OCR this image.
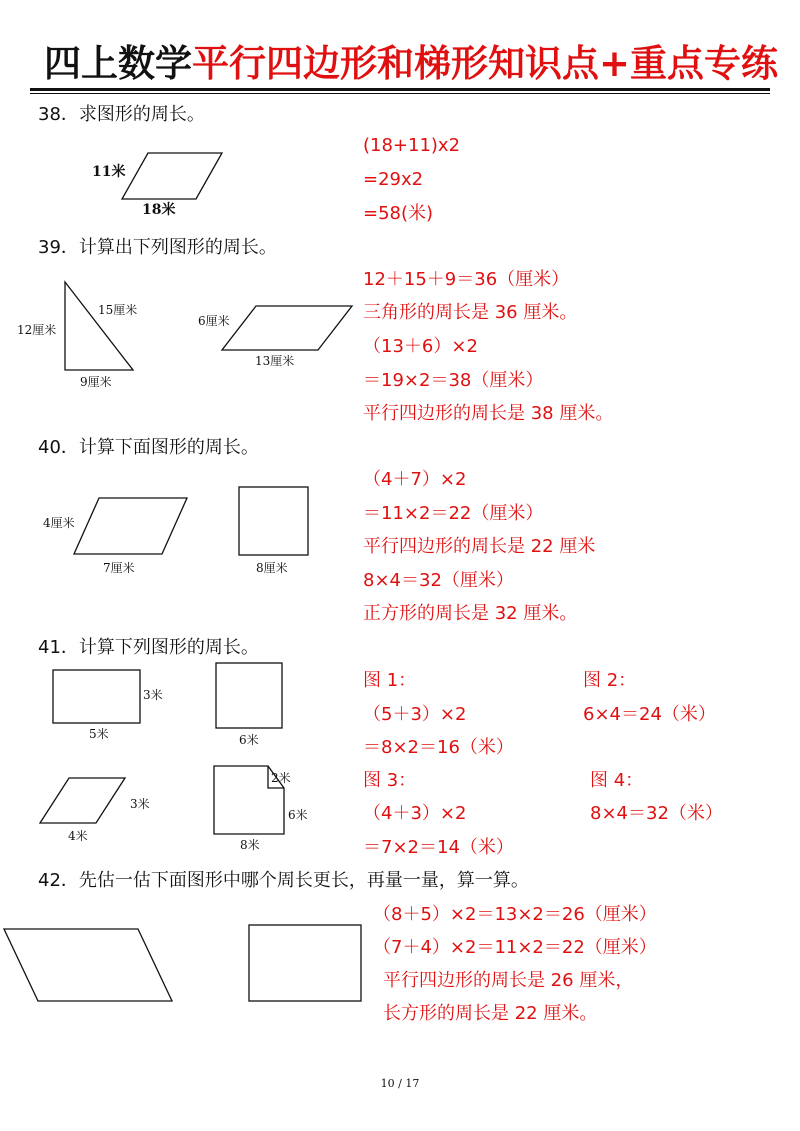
四上数学平行四边形和梯形知识点+重点专练
38．求图形的周长。
11米
18米
(18+11)x2
=29x2
=58(米)
39．计算出下列图形的周长。
15厘米
12厘米
9厘米
6厘米
13厘米
12＋15＋9＝36（厘米）
三角形的周长是 36 厘米。
（13＋6）×2
＝19×2＝38（厘米）
平行四边形的周长是 38 厘米。
40．计算下面图形的周长。
4厘米
7厘米	8厘米
（4＋7）×2
＝11×2＝22（厘米）
平行四边形的周长是 22 厘米
8×4＝32（厘米）
正方形的周长是 32 厘米。
41．计算下列图形的周长。
3米
5米	6米
3米
4米
2米
6米
8米
图 1：
（5＋3）×2
＝8×2＝16（米）
图 3：
（4＋3）×2
＝7×2＝14（米）
图 2：
6×4＝24（米）
图 4：
8×4＝32（米）
42．先估一估下面图形中哪个周长更长，再量一量，算一算。
（8＋5）×2＝13×2＝26（厘米）
（7＋4）×2＝11×2＝22（厘米）
平行四边形的周长是 26 厘米，
长方形的周长是 22 厘米。
10 / 17
